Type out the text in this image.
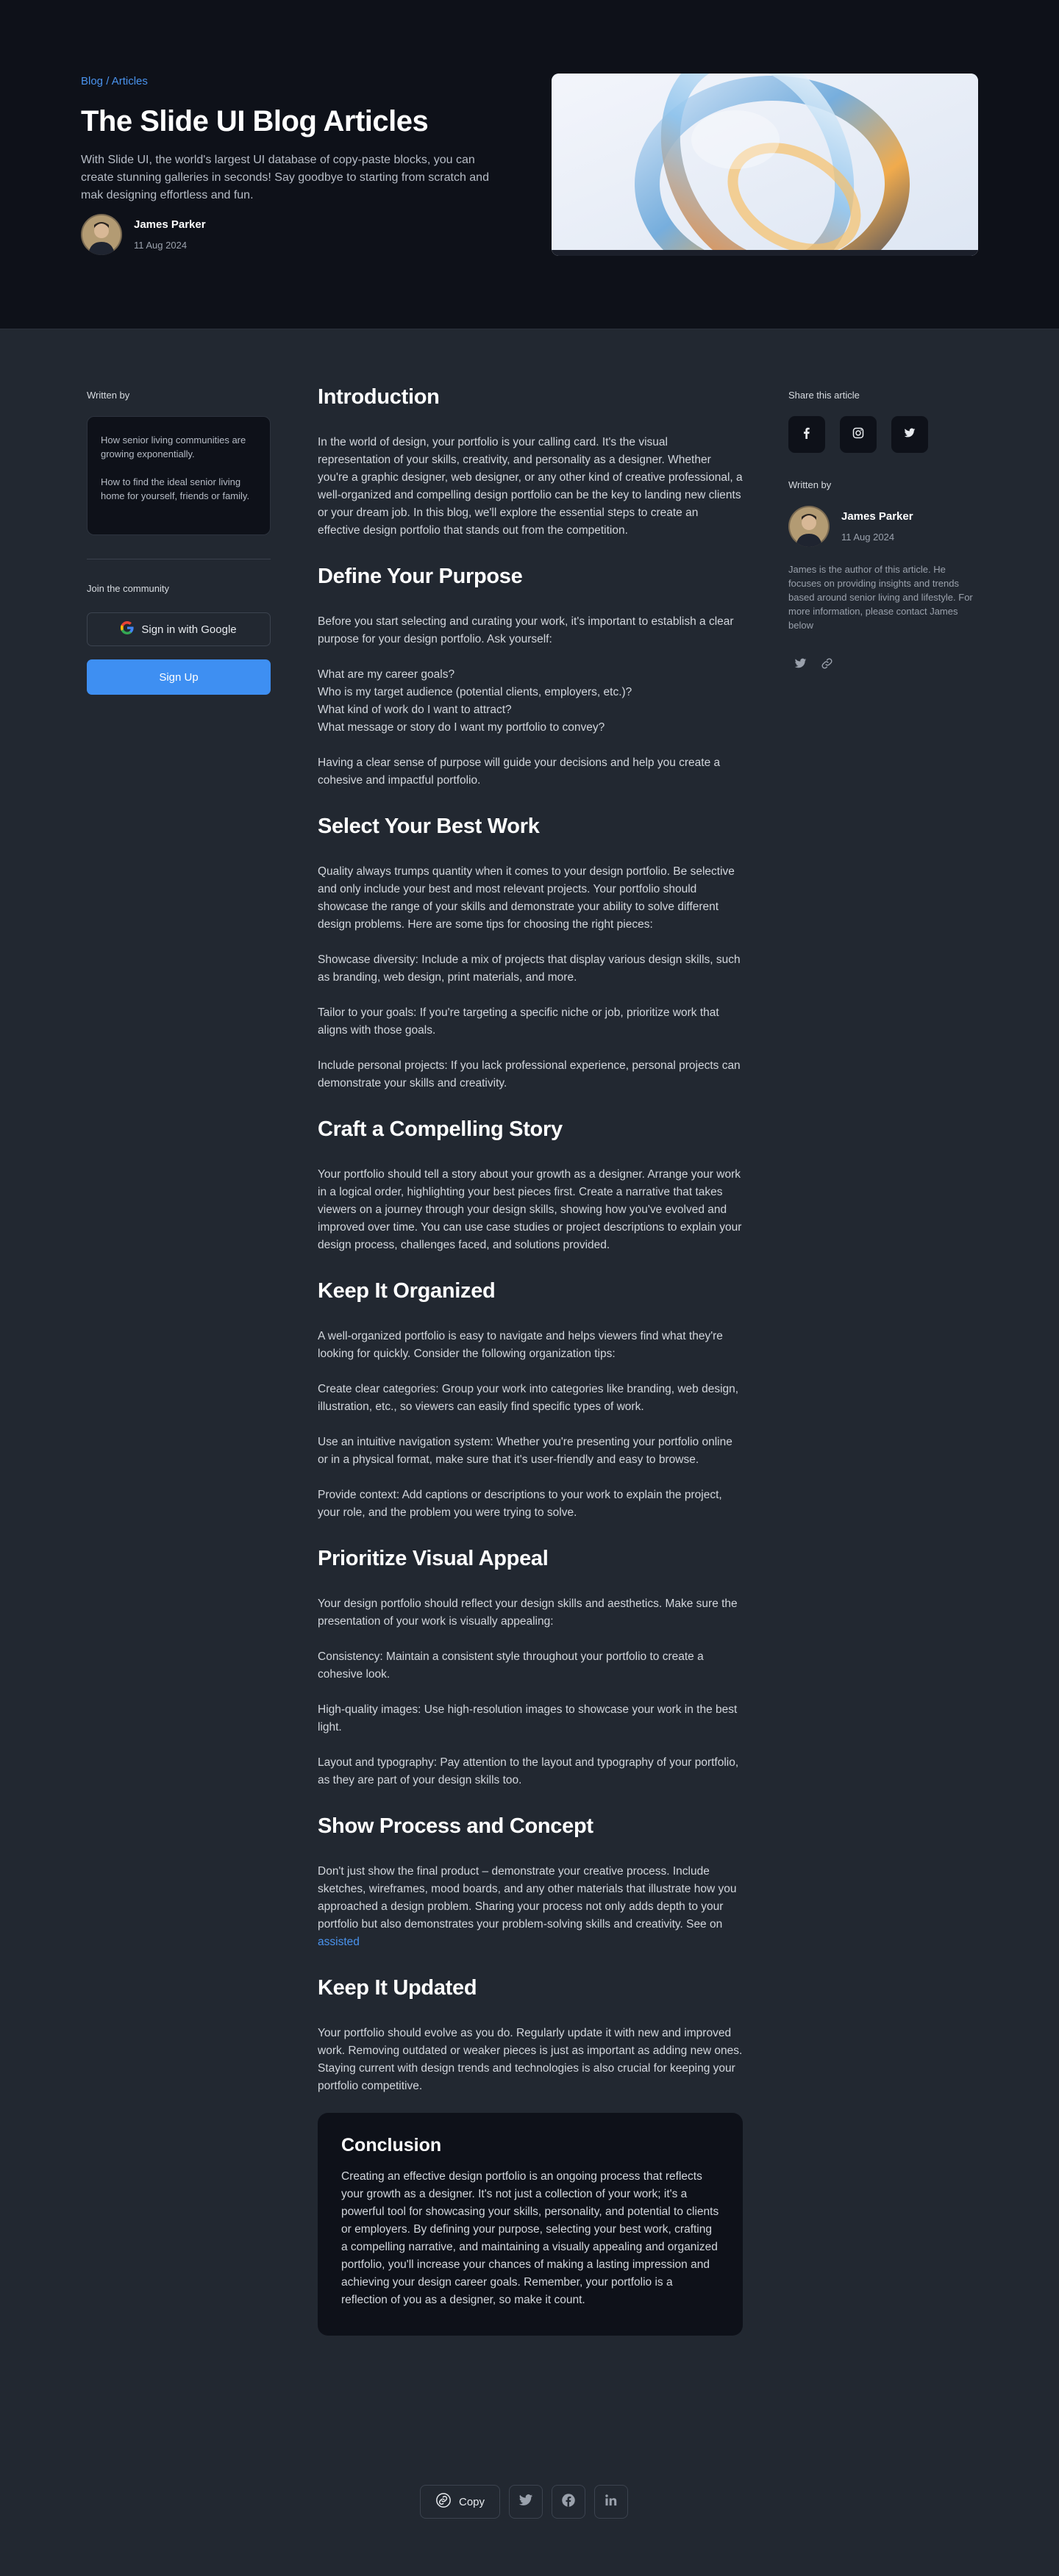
Blog / Articles
The Slide UI Blog Articles

With Slide UI, the world's largest UI database of copy-paste blocks, you can create stunning galleries in seconds! Say goodbye to starting from scratch and mak designing effortless and fun.

James Parker
11 Aug 2024
Written by
How senior living communities are growing exponentially.
How to find the ideal senior living home for yourself, friends or family.
Join the community
Sign in with Google
Sign Up
Introduction

In the world of design, your portfolio is your calling card. It's the visual representation of your skills, creativity, and personality as a designer. Whether you're a graphic designer, web designer, or any other kind of creative professional, a well-organized and compelling design portfolio can be the key to landing new clients or your dream job. In this blog, we'll explore the essential steps to create an effective design portfolio that stands out from the competition.

Define Your Purpose

Before you start selecting and curating your work, it's important to establish a clear purpose for your design portfolio. Ask yourself:

What are my career goals?

Who is my target audience (potential clients, employers, etc.)?

What kind of work do I want to attract?

What message or story do I want my portfolio to convey?

Having a clear sense of purpose will guide your decisions and help you create a cohesive and impactful portfolio.

Select Your Best Work

Quality always trumps quantity when it comes to your design portfolio. Be selective and only include your best and most relevant projects. Your portfolio should showcase the range of your skills and demonstrate your ability to solve different design problems. Here are some tips for choosing the right pieces:

Showcase diversity: Include a mix of projects that display various design skills, such as branding, web design, print materials, and more.

Tailor to your goals: If you're targeting a specific niche or job, prioritize work that aligns with those goals.

Include personal projects: If you lack professional experience, personal projects can demonstrate your skills and creativity.

Craft a Compelling Story

Your portfolio should tell a story about your growth as a designer. Arrange your work in a logical order, highlighting your best pieces first. Create a narrative that takes viewers on a journey through your design skills, showing how you've evolved and improved over time. You can use case studies or project descriptions to explain your design process, challenges faced, and solutions provided.

Keep It Organized

A well-organized portfolio is easy to navigate and helps viewers find what they're looking for quickly. Consider the following organization tips:

Create clear categories: Group your work into categories like branding, web design, illustration, etc., so viewers can easily find specific types of work.

Use an intuitive navigation system: Whether you're presenting your portfolio online or in a physical format, make sure that it's user-friendly and easy to browse.

Provide context: Add captions or descriptions to your work to explain the project, your role, and the problem you were trying to solve.

Prioritize Visual Appeal

Your design portfolio should reflect your design skills and aesthetics. Make sure the presentation of your work is visually appealing:

Consistency: Maintain a consistent style throughout your portfolio to create a cohesive look.

High-quality images: Use high-resolution images to showcase your work in the best light.

Layout and typography: Pay attention to the layout and typography of your portfolio, as they are part of your design skills too.

Show Process and Concept

Don't just show the final product – demonstrate your creative process. Include sketches, wireframes, mood boards, and any other materials that illustrate how you approached a design problem. Sharing your process not only adds depth to your portfolio but also demonstrates your problem-solving skills and creativity. See on assisted

Keep It Updated

Your portfolio should evolve as you do. Regularly update it with new and improved work. Removing outdated or weaker pieces is just as important as adding new ones. Staying current with design trends and technologies is also crucial for keeping your portfolio competitive.

Conclusion

Creating an effective design portfolio is an ongoing process that reflects your growth as a designer. It's not just a collection of your work; it's a powerful tool for showcasing your skills, personality, and potential to clients or employers. By defining your purpose, selecting your best work, crafting a compelling narrative, and maintaining a visually appealing and organized portfolio, you'll increase your chances of making a lasting impression and achieving your design career goals. Remember, your portfolio is a reflection of you as a designer, so make it count.

Share this article
Written by
James Parker
11 Aug 2024

James is the author of this article. He focuses on providing insights and trends based around senior living and lifestyle. For more information, please contact James below

Copy
